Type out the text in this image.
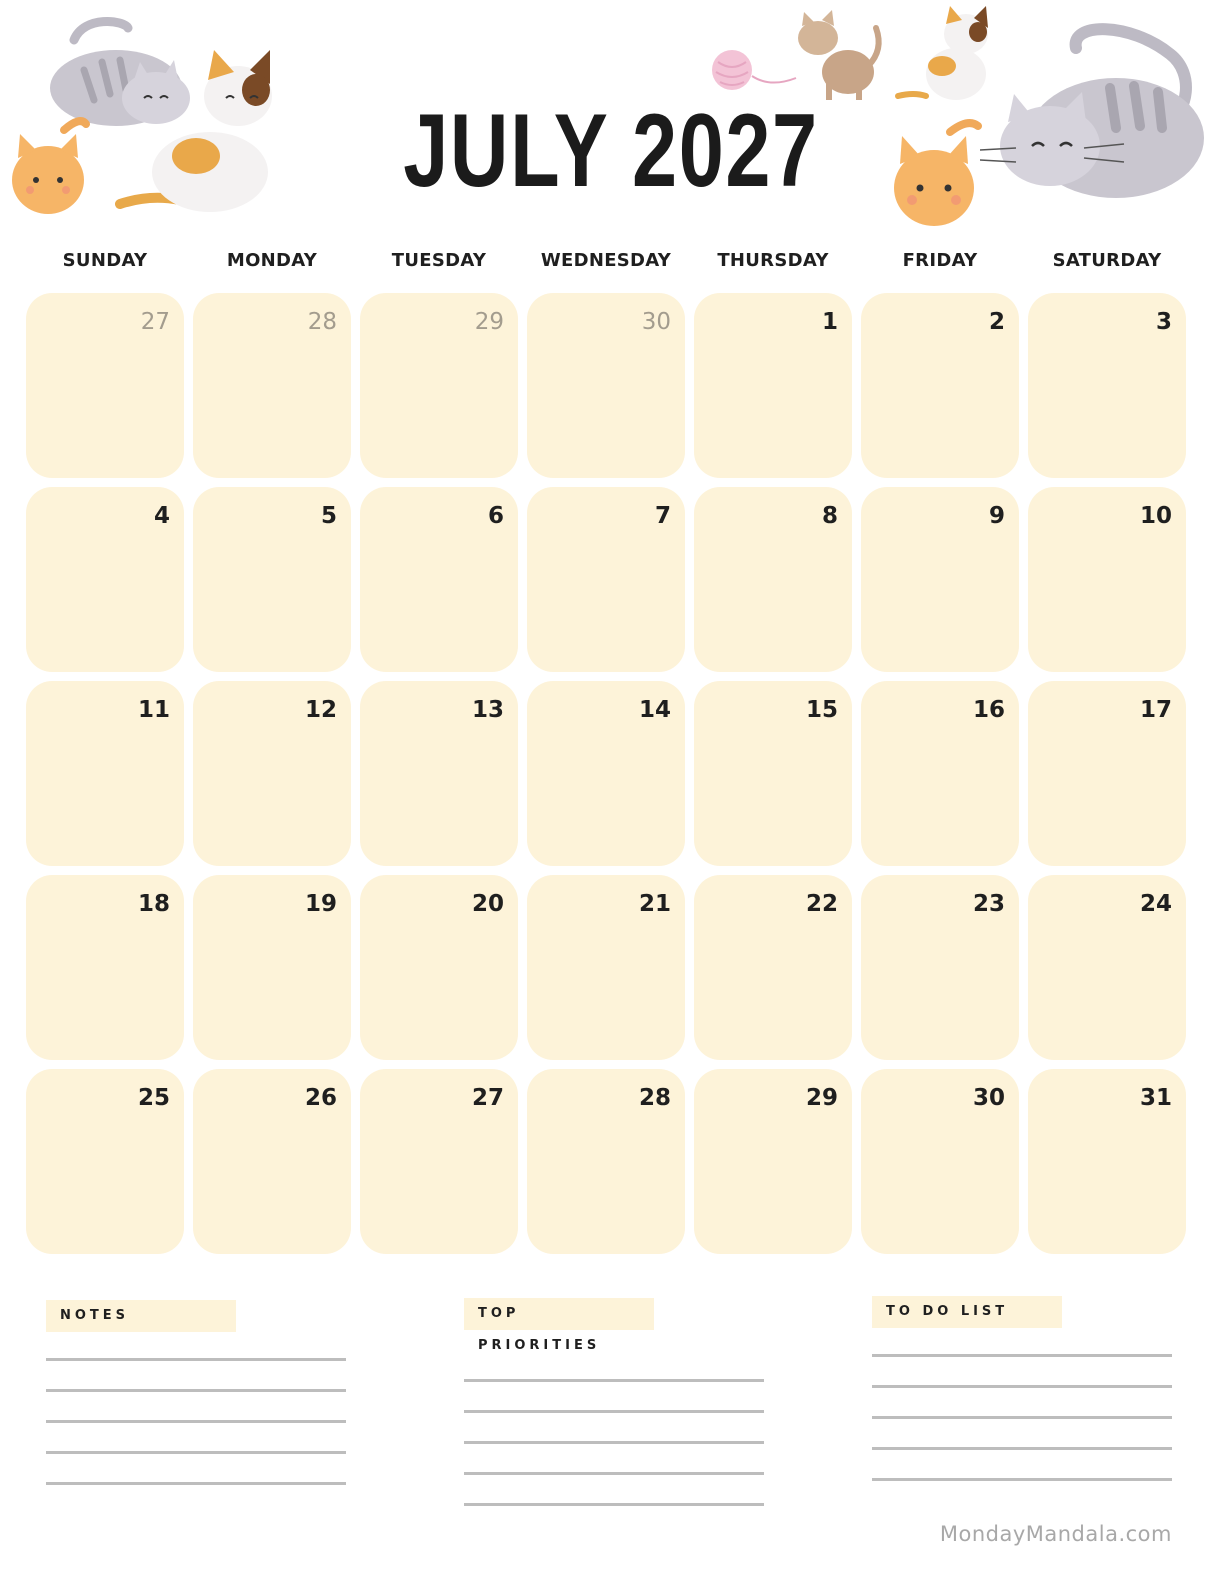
JULY 2027
SUNDAY	MONDAY	TUESDAY	WEDNESDAY	THURSDAY	FRIDAY	SATURDAY
27	28	29	30	1	2	3
4	5	6	7	8	9	10
11	12	13	14	15	16	17
18	19	20	21	22	23	24
25	26	27	28	29	30	31
NOTES	TOP PRIORITIES
TO DO LIST
MondayMandala.com
